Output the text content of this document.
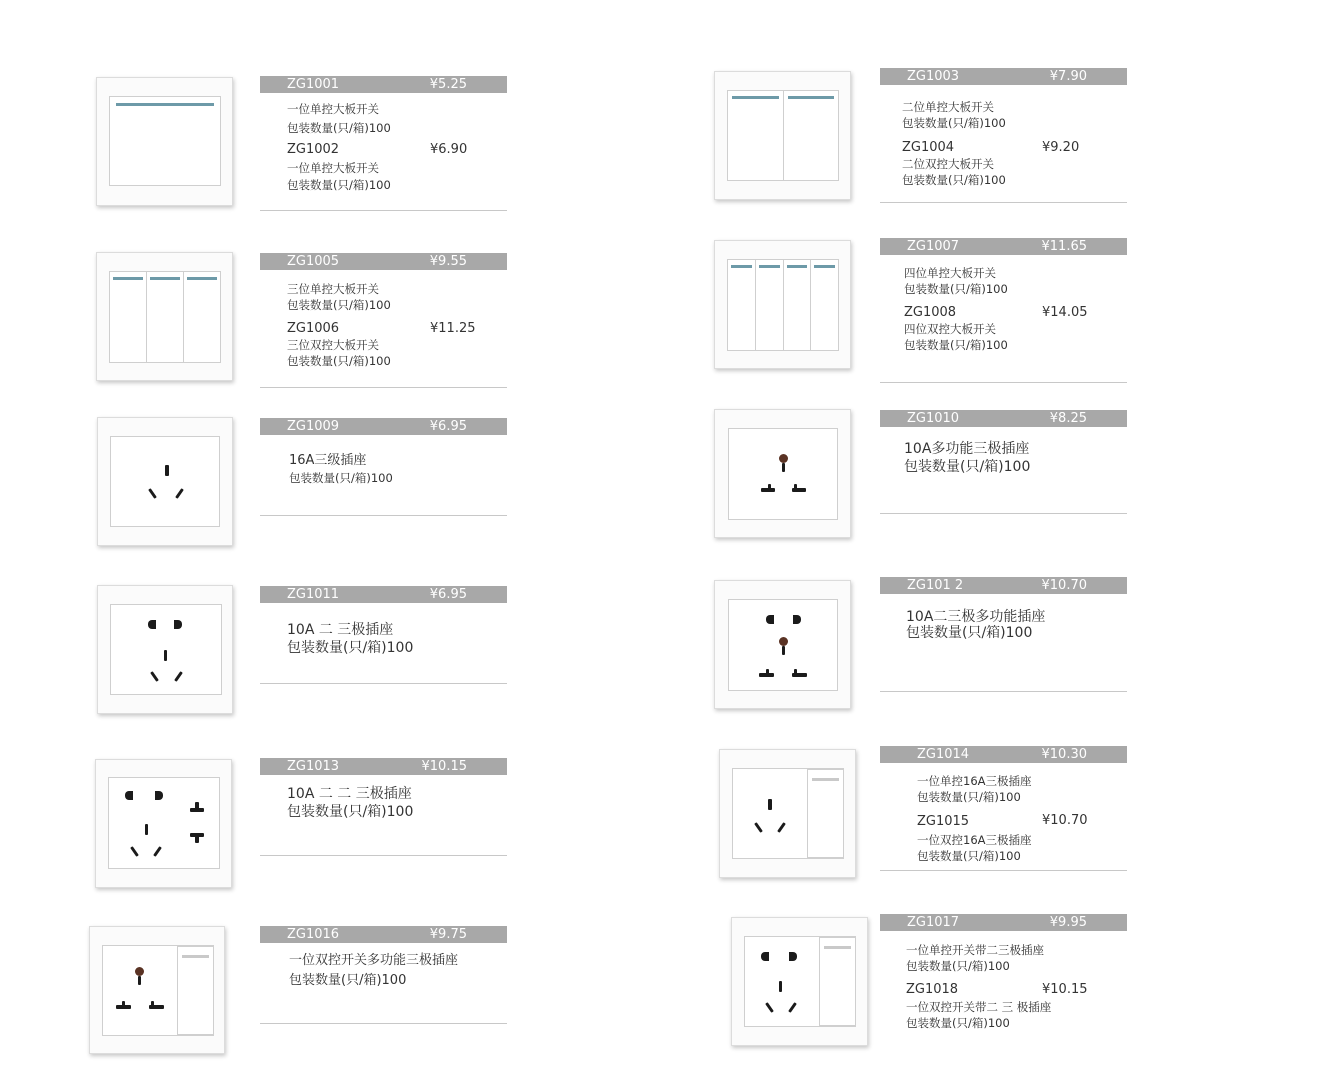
ZG1001	¥5.25
一位单控大板开关
包装数量(只/箱)100
ZG1002	¥6.90
一位单控大板开关
包装数量(只/箱)100
ZG1003	¥7.90
二位单控大板开关
包装数量(只/箱)100
ZG1004	¥9.20
二位双控大板开关
包装数量(只/箱)100
ZG1005	¥9.55
三位单控大板开关
包装数量(只/箱)100
ZG1006	¥11.25
三位双控大板开关
包装数量(只/箱)100
ZG1007	¥11.65
四位单控大板开关
包装数量(只/箱)100
ZG1008	¥14.05
四位双控大板开关
包装数量(只/箱)100
ZG1009	¥6.95
16A三级插座
包装数量(只/箱)100
ZG1010	¥8.25
10A多功能三极插座
包装数量(只/箱)100
ZG1011	¥6.95
10A 二 三极插座
包装数量(只/箱)100
ZG101 2	¥10.70
10A二三极多功能插座
包装数量(只/箱)100
ZG1013	¥10.15
10A 二 二 三极插座
包装数量(只/箱)100
ZG1014	¥10.30
一位单控16A三极插座
包装数量(只/箱)100
ZG1015	¥10.70
一位双控16A三极插座
包装数量(只/箱)100
ZG1016	¥9.75
一位双控开关多功能三极插座
包装数量(只/箱)100
ZG1017	¥9.95
一位单控开关带二三极插座
包装数量(只/箱)100
ZG1018	¥10.15
一位双控开关带二 三 极插座
包装数量(只/箱)100
